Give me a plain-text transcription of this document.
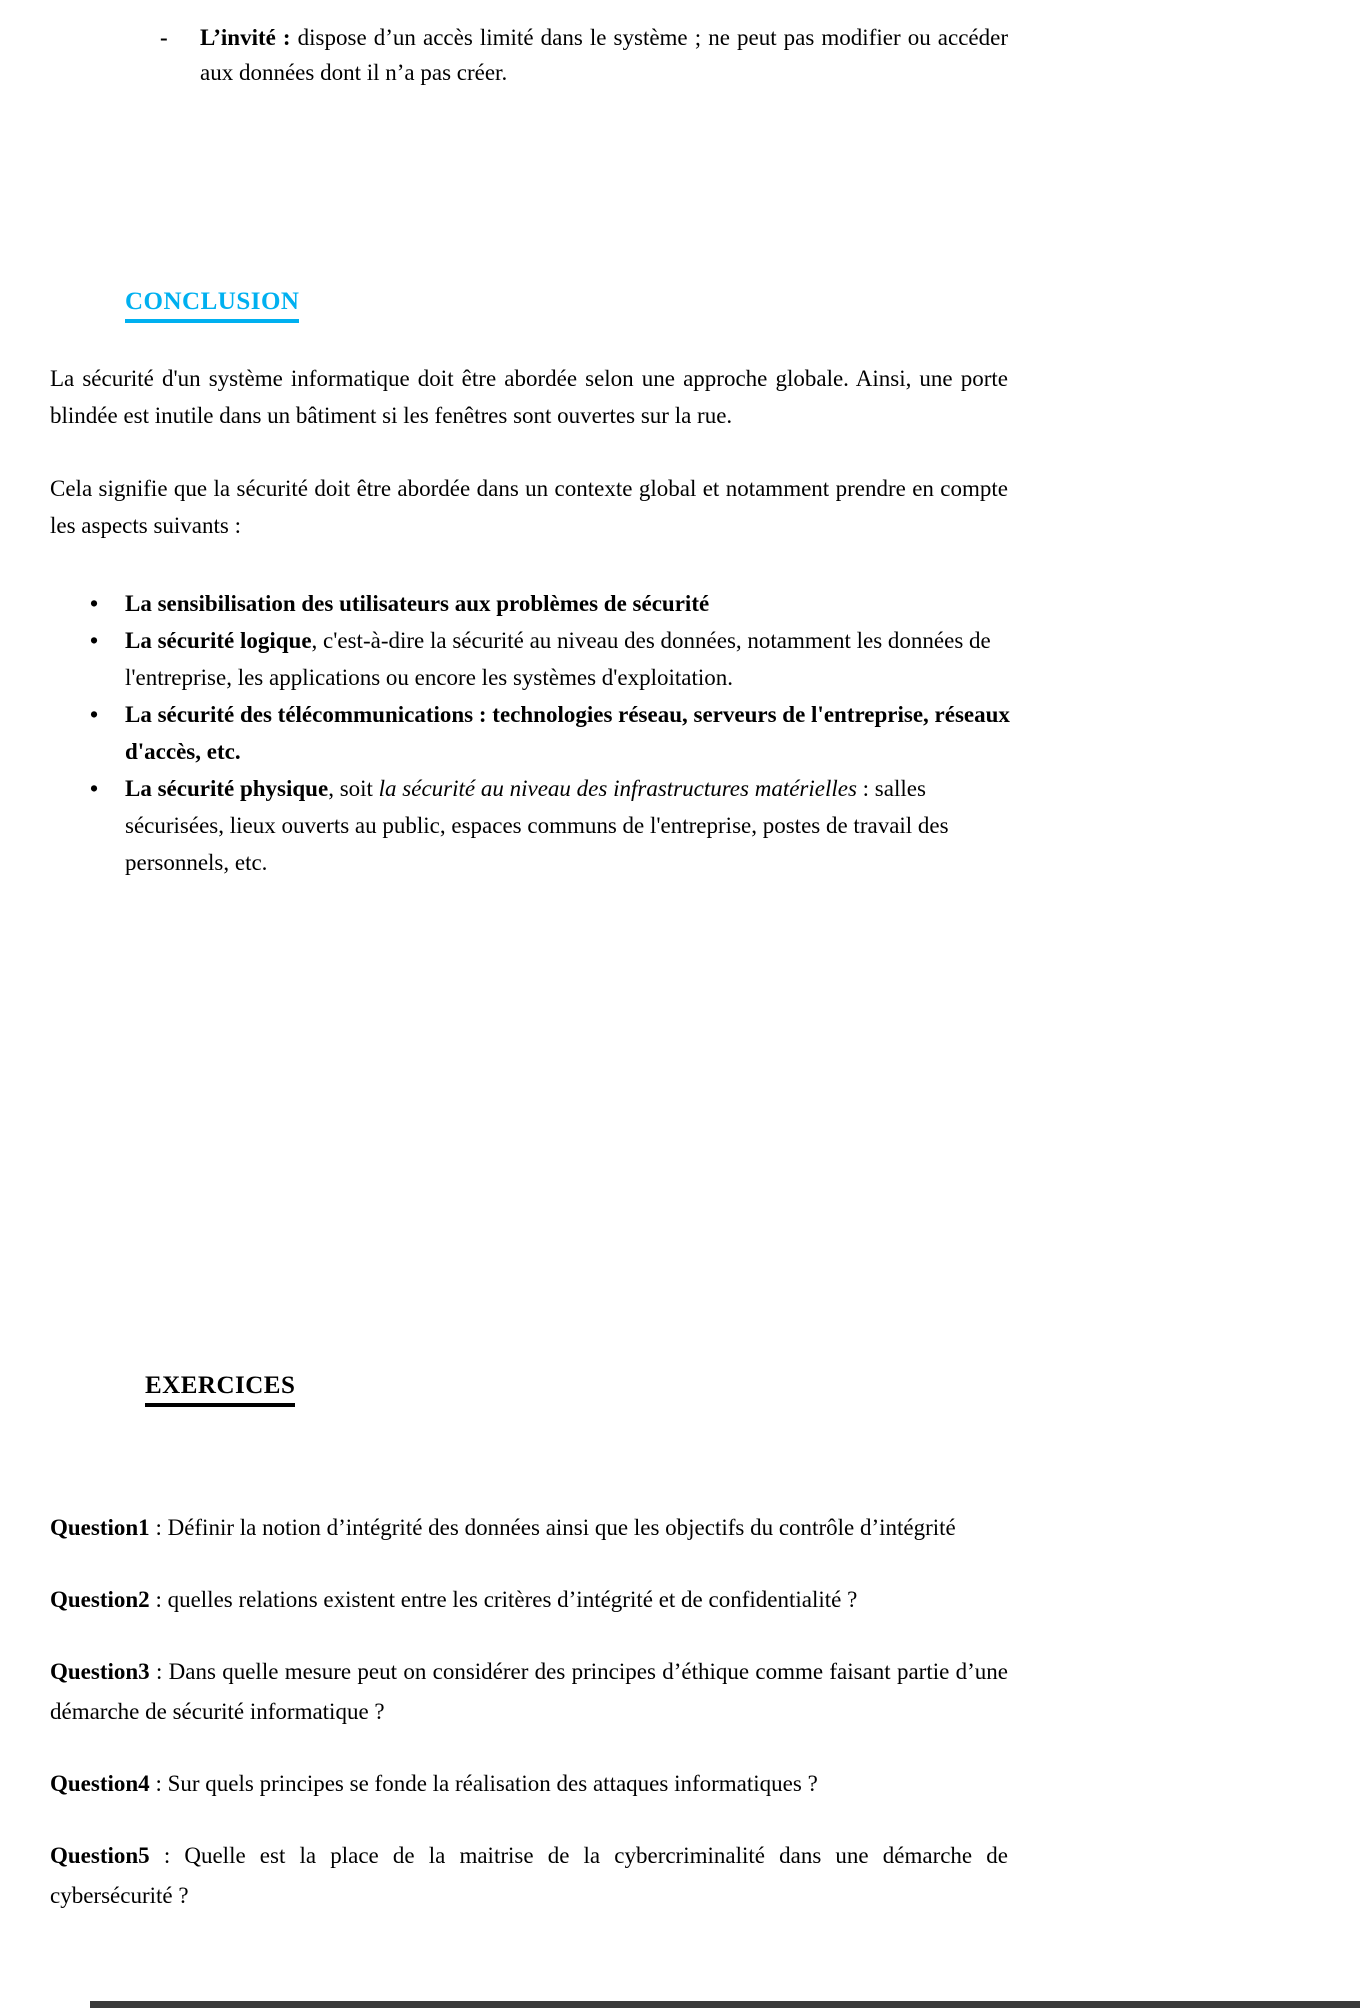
-	L’invité : dispose d’un accès limité dans le système ; ne peut pas modifier ou accéder aux données dont il n’a pas créer.

CONCLUSION

La sécurité d'un système informatique doit être abordée selon une approche globale. Ainsi, une porte blindée est inutile dans un bâtiment si les fenêtres sont ouvertes sur la rue.

Cela signifie que la sécurité doit être abordée dans un contexte global et notamment prendre en compte les aspects suivants :

• La sensibilisation des utilisateurs aux problèmes de sécurité
• La sécurité logique, c'est-à-dire la sécurité au niveau des données, notamment les données de l'entreprise, les applications ou encore les systèmes d'exploitation.
• La sécurité des télécommunications : technologies réseau, serveurs de l'entreprise, réseaux d'accès, etc.
• La sécurité physique, soit la sécurité au niveau des infrastructures matérielles : salles sécurisées, lieux ouverts au public, espaces communs de l'entreprise, postes de travail des personnels, etc.
EXERCICES

Question1 : Définir la notion d’intégrité des données ainsi que les objectifs du contrôle d’intégrité

Question2 : quelles relations existent entre les critères d’intégrité et de confidentialité ?

Question3 : Dans quelle mesure peut on considérer des principes d’éthique comme faisant partie d’une démarche de sécurité informatique ?

Question4 : Sur quels principes se fonde la réalisation des attaques informatiques ?

Question5 : Quelle est la place de la maitrise de la cybercriminalité dans une démarche de cybersécurité ?
